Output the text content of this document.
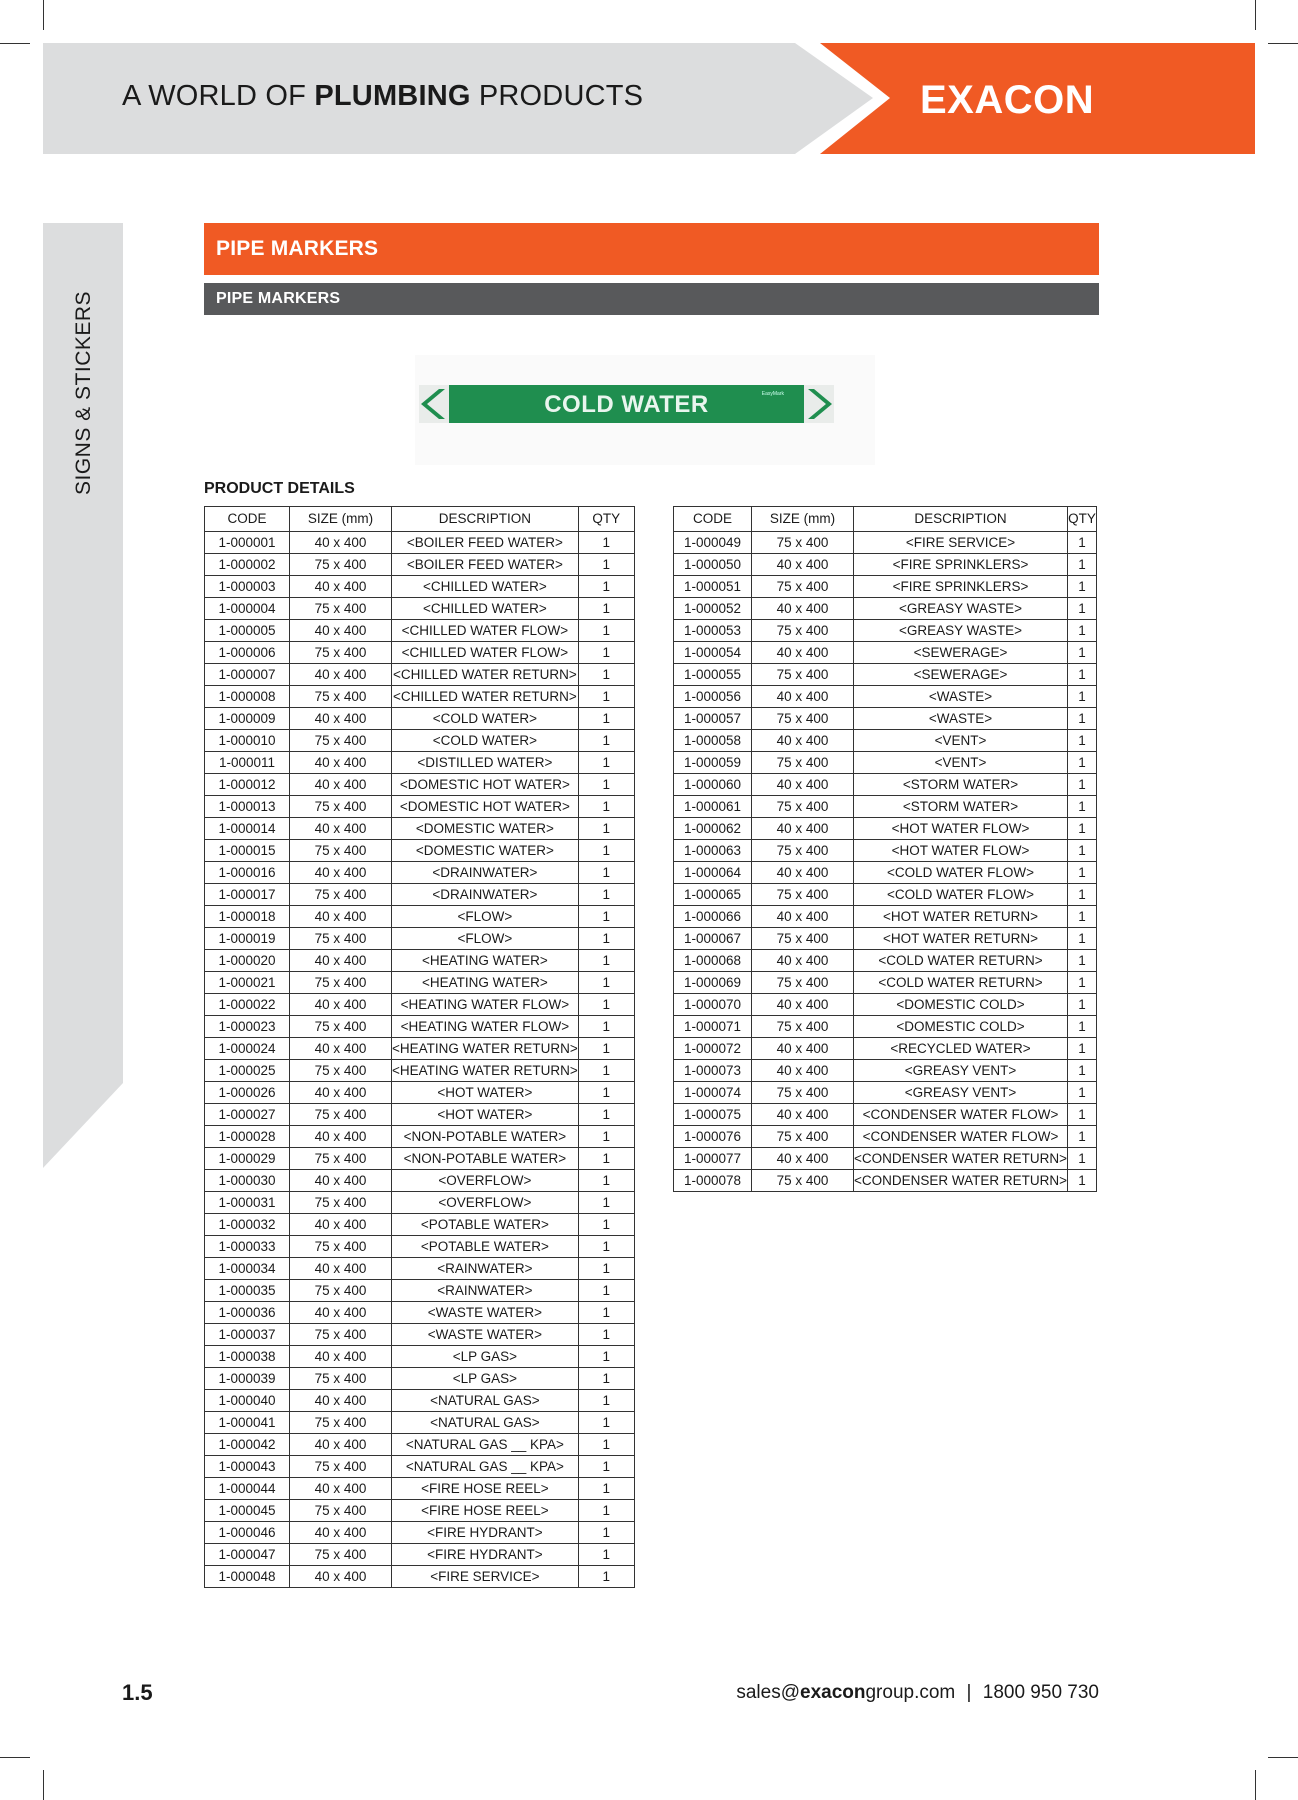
A WORLD OF PLUMBING PRODUCTS	EXACON
SIGNS & STICKERS
PIPE MARKERS
PIPE MARKERS
COLD WATER	EasyMark
PRODUCT DETAILS
CODE	SIZE (mm)	DESCRIPTION	QTY
1-000001	40 x 400	<BOILER FEED WATER>	1
1-000002	75 x 400	<BOILER FEED WATER>	1
1-000003	40 x 400	<CHILLED WATER>	1
1-000004	75 x 400	<CHILLED WATER>	1
1-000005	40 x 400	<CHILLED WATER FLOW>	1
1-000006	75 x 400	<CHILLED WATER FLOW>	1
1-000007	40 x 400	<CHILLED WATER RETURN>	1
1-000008	75 x 400	<CHILLED WATER RETURN>	1
1-000009	40 x 400	<COLD WATER>	1
1-000010	75 x 400	<COLD WATER>	1
1-000011	40 x 400	<DISTILLED WATER>	1
1-000012	40 x 400	<DOMESTIC HOT WATER>	1
1-000013	75 x 400	<DOMESTIC HOT WATER>	1
1-000014	40 x 400	<DOMESTIC WATER>	1
1-000015	75 x 400	<DOMESTIC WATER>	1
1-000016	40 x 400	<DRAINWATER>	1
1-000017	75 x 400	<DRAINWATER>	1
1-000018	40 x 400	<FLOW>	1
1-000019	75 x 400	<FLOW>	1
1-000020	40 x 400	<HEATING WATER>	1
1-000021	75 x 400	<HEATING WATER>	1
1-000022	40 x 400	<HEATING WATER FLOW>	1
1-000023	75 x 400	<HEATING WATER FLOW>	1
1-000024	40 x 400	<HEATING WATER RETURN>	1
1-000025	75 x 400	<HEATING WATER RETURN>	1
1-000026	40 x 400	<HOT WATER>	1
1-000027	75 x 400	<HOT WATER>	1
1-000028	40 x 400	<NON-POTABLE WATER>	1
1-000029	75 x 400	<NON-POTABLE WATER>	1
1-000030	40 x 400	<OVERFLOW>	1
1-000031	75 x 400	<OVERFLOW>	1
1-000032	40 x 400	<POTABLE WATER>	1
1-000033	75 x 400	<POTABLE WATER>	1
1-000034	40 x 400	<RAINWATER>	1
1-000035	75 x 400	<RAINWATER>	1
1-000036	40 x 400	<WASTE WATER>	1
1-000037	75 x 400	<WASTE WATER>	1
1-000038	40 x 400	<LP GAS>	1
1-000039	75 x 400	<LP GAS>	1
1-000040	40 x 400	<NATURAL GAS>	1
1-000041	75 x 400	<NATURAL GAS>	1
1-000042	40 x 400	<NATURAL GAS __ KPA>	1
1-000043	75 x 400	<NATURAL GAS __ KPA>	1
1-000044	40 x 400	<FIRE HOSE REEL>	1
1-000045	75 x 400	<FIRE HOSE REEL>	1
1-000046	40 x 400	<FIRE HYDRANT>	1
1-000047	75 x 400	<FIRE HYDRANT>	1
1-000048	40 x 400	<FIRE SERVICE>	1
CODE	SIZE (mm)	DESCRIPTION	QTY
1-000049	75 x 400	<FIRE SERVICE>	1
1-000050	40 x 400	<FIRE SPRINKLERS>	1
1-000051	75 x 400	<FIRE SPRINKLERS>	1
1-000052	40 x 400	<GREASY WASTE>	1
1-000053	75 x 400	<GREASY WASTE>	1
1-000054	40 x 400	<SEWERAGE>	1
1-000055	75 x 400	<SEWERAGE>	1
1-000056	40 x 400	<WASTE>	1
1-000057	75 x 400	<WASTE>	1
1-000058	40 x 400	<VENT>	1
1-000059	75 x 400	<VENT>	1
1-000060	40 x 400	<STORM WATER>	1
1-000061	75 x 400	<STORM WATER>	1
1-000062	40 x 400	<HOT WATER FLOW>	1
1-000063	75 x 400	<HOT WATER FLOW>	1
1-000064	40 x 400	<COLD WATER FLOW>	1
1-000065	75 x 400	<COLD WATER FLOW>	1
1-000066	40 x 400	<HOT WATER RETURN>	1
1-000067	75 x 400	<HOT WATER RETURN>	1
1-000068	40 x 400	<COLD WATER RETURN>	1
1-000069	75 x 400	<COLD WATER RETURN>	1
1-000070	40 x 400	<DOMESTIC COLD>	1
1-000071	75 x 400	<DOMESTIC COLD>	1
1-000072	40 x 400	<RECYCLED WATER>	1
1-000073	40 x 400	<GREASY VENT>	1
1-000074	75 x 400	<GREASY VENT>	1
1-000075	40 x 400	<CONDENSER WATER FLOW>	1
1-000076	75 x 400	<CONDENSER WATER FLOW>	1
1-000077	40 x 400	<CONDENSER WATER RETURN>	1
1-000078	75 x 400	<CONDENSER WATER RETURN>	1
1.5	sales@exacongroup.com | 1800 950 730
